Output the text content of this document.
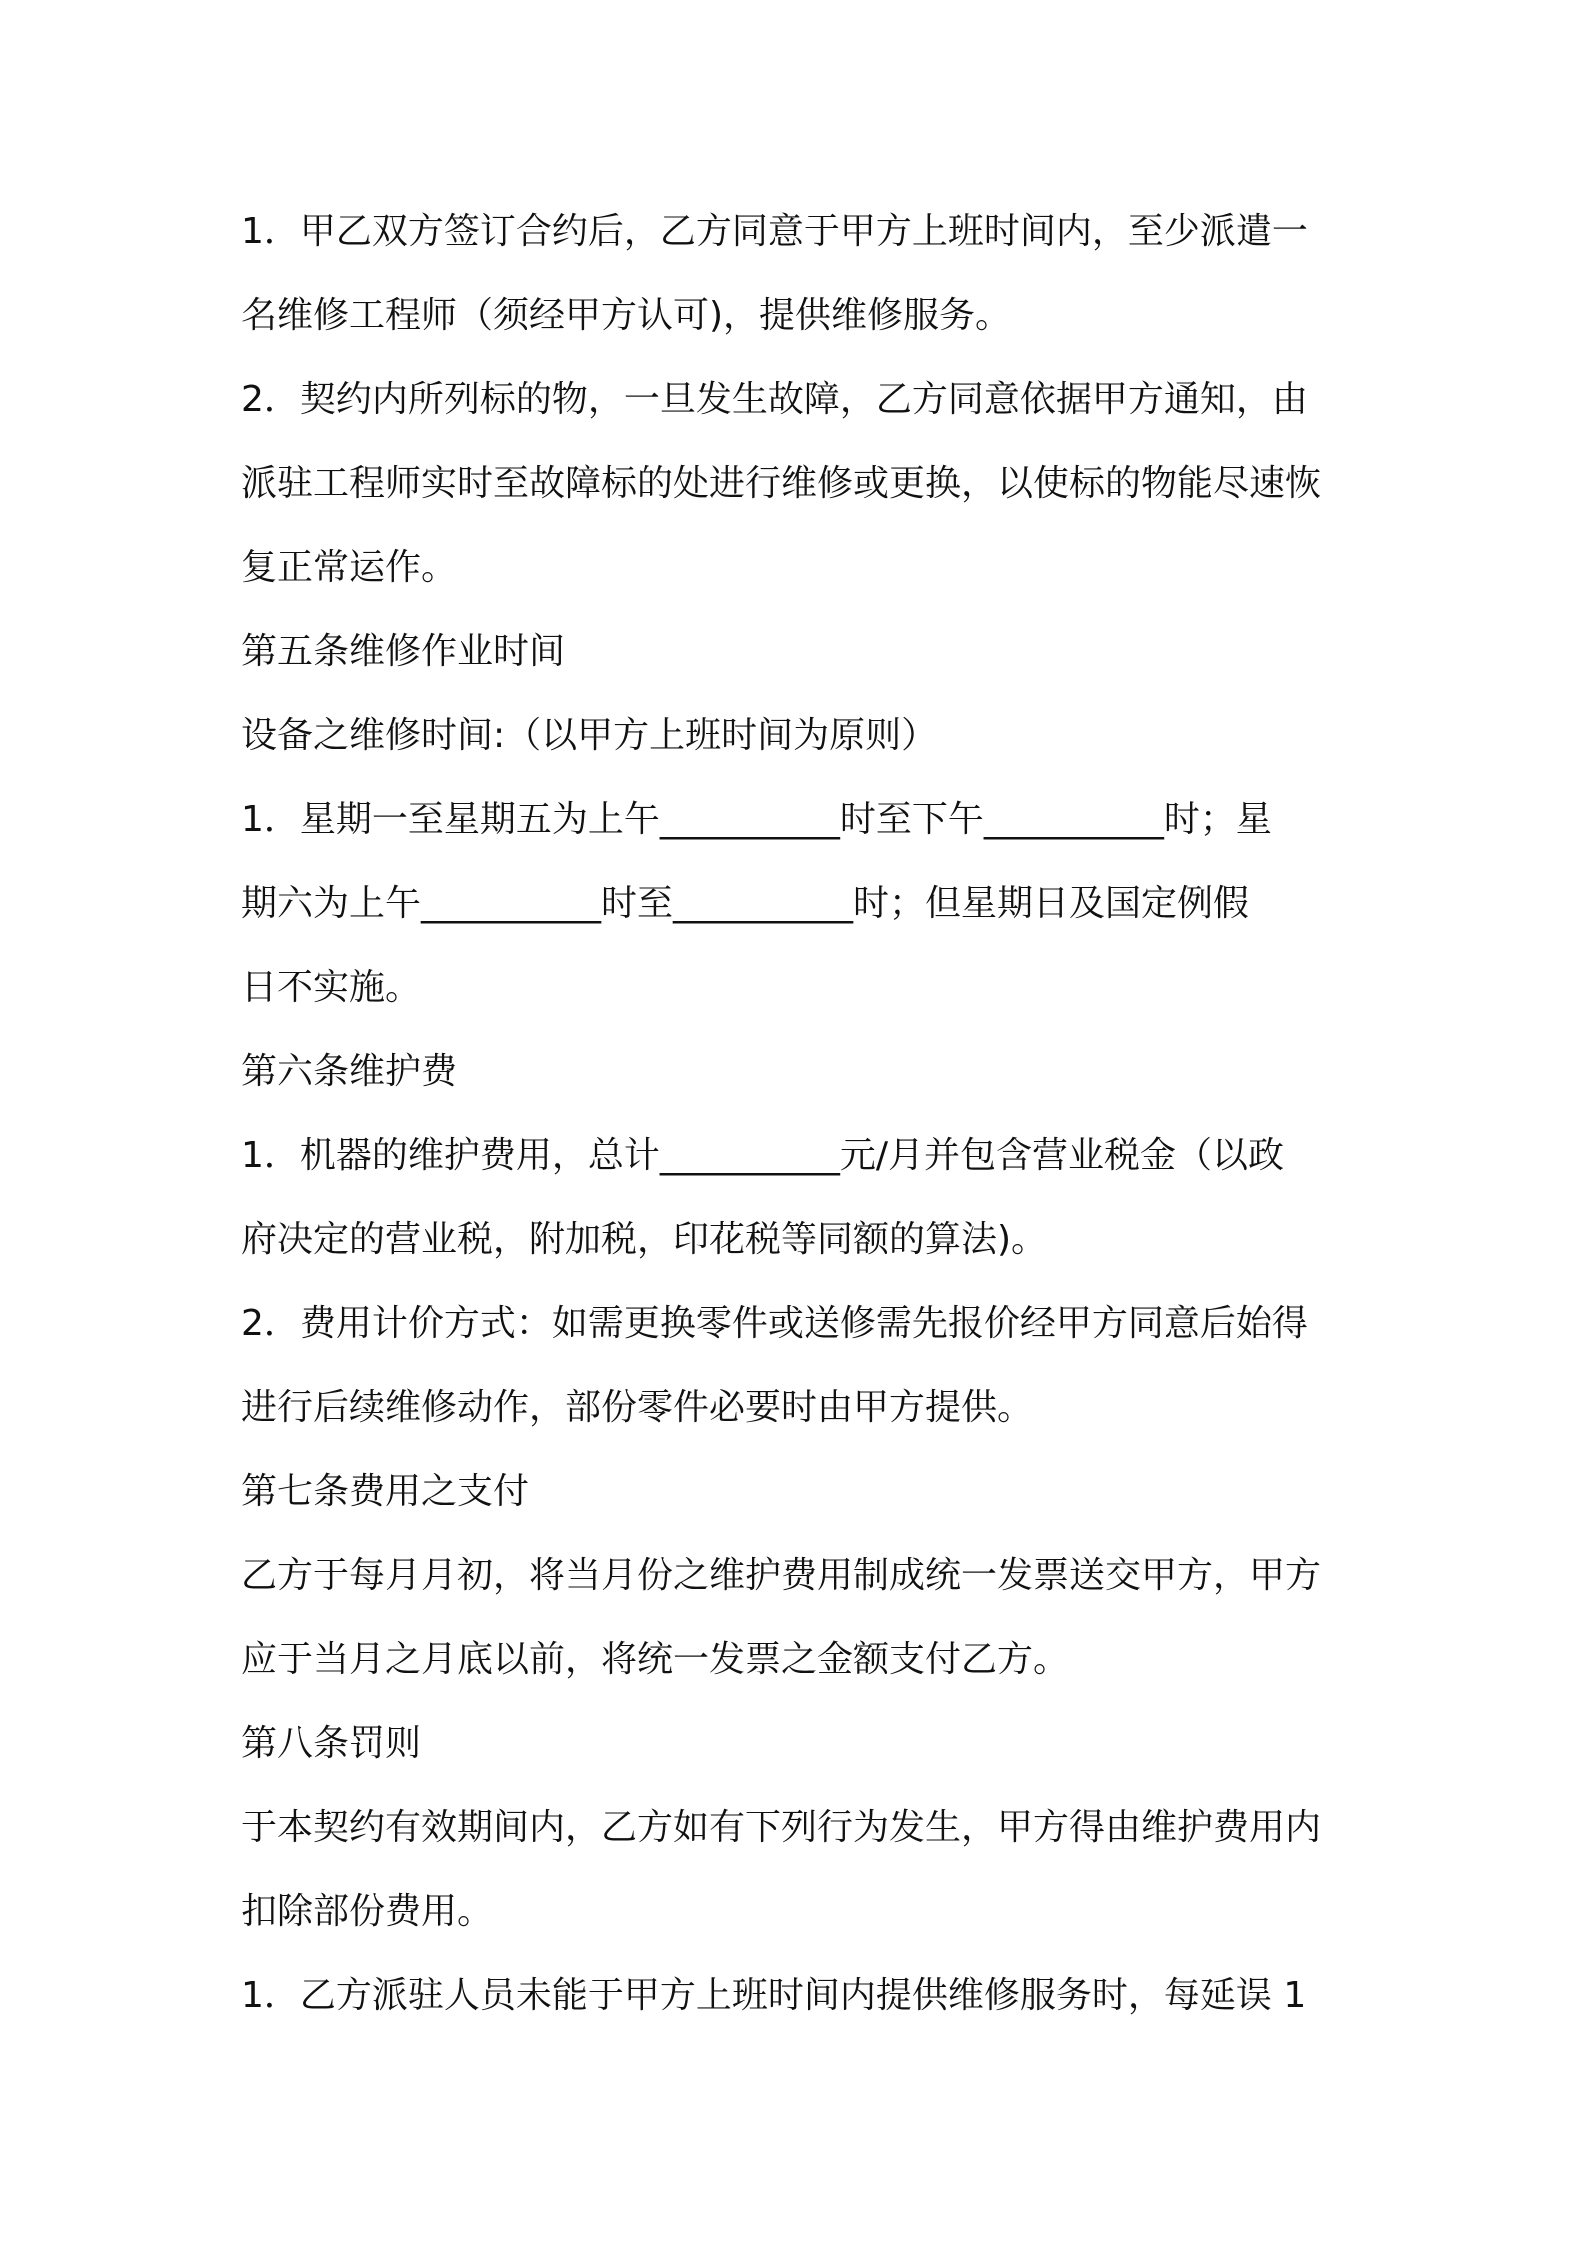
1．甲乙双方签订合约后，乙方同意于甲方上班时间内，至少派遣一
名维修工程师（须经甲方认可)，提供维修服务。
2．契约内所列标的物，一旦发生故障，乙方同意依据甲方通知，由
派驻工程师实时至故障标的处进行维修或更换，以使标的物能尽速恢
复正常运作。
第五条维修作业时间
设备之维修时间:（以甲方上班时间为原则）
1．星期一至星期五为上午__________时至下午__________时；星
期六为上午__________时至__________时；但星期日及国定例假
日不实施。
第六条维护费
1．机器的维护费用，总计__________元/月并包含营业税金（以政
府决定的营业税，附加税，印花税等同额的算法)。
2．费用计价方式：如需更换零件或送修需先报价经甲方同意后始得
进行后续维修动作，部份零件必要时由甲方提供。
第七条费用之支付
乙方于每月月初，将当月份之维护费用制成统一发票送交甲方，甲方
应于当月之月底以前，将统一发票之金额支付乙方。
第八条罚则
于本契约有效期间内，乙方如有下列行为发生，甲方得由维护费用内
扣除部份费用。
1．乙方派驻人员未能于甲方上班时间内提供维修服务时，每延误 1
